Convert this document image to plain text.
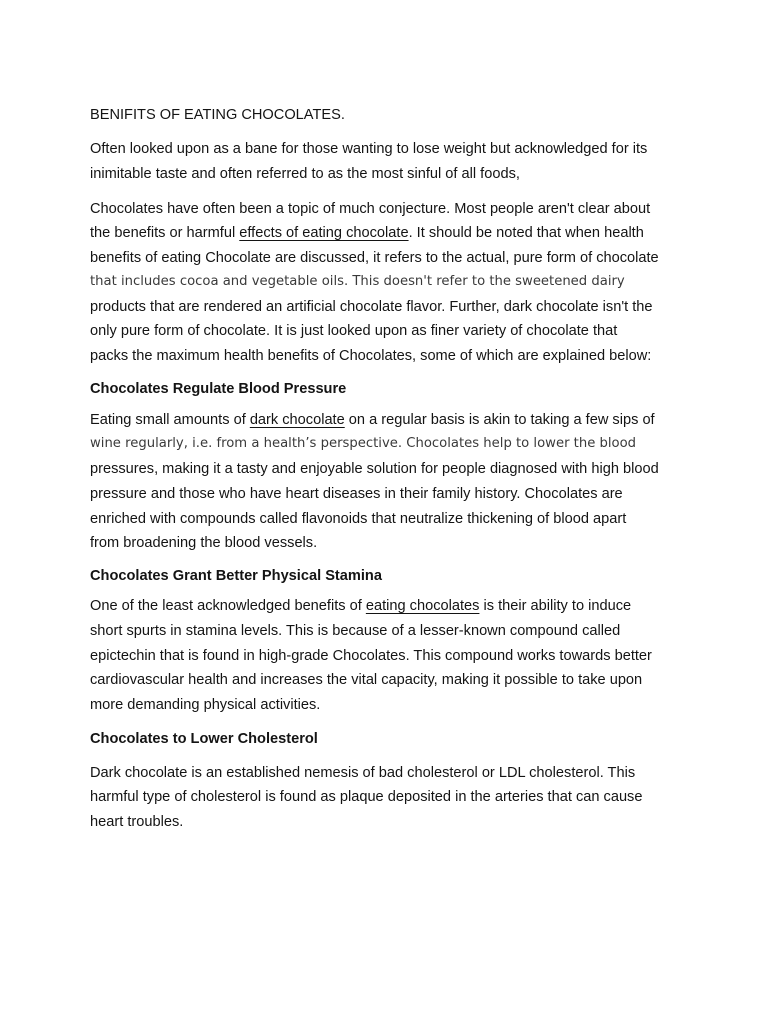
BENIFITS OF EATING CHOCOLATES.
Often looked upon as a bane for those wanting to lose weight but acknowledged for its
inimitable taste and often referred to as the most sinful of all foods,
Chocolates have often been a topic of much conjecture. Most people aren't clear about
the benefits or harmful effects of eating chocolate. It should be noted that when health
benefits of eating Chocolate are discussed, it refers to the actual, pure form of chocolate
that includes cocoa and vegetable oils. This doesn't refer to the sweetened dairy
products that are rendered an artificial chocolate flavor. Further, dark chocolate isn't the
only pure form of chocolate. It is just looked upon as finer variety of chocolate that
packs the maximum health benefits of Chocolates, some of which are explained below:
Chocolates Regulate Blood Pressure
Eating small amounts of dark chocolate on a regular basis is akin to taking a few sips of
wine regularly, i.e. from a health’s perspective. Chocolates help to lower the blood
pressures, making it a tasty and enjoyable solution for people diagnosed with high blood
pressure and those who have heart diseases in their family history. Chocolates are
enriched with compounds called flavonoids that neutralize thickening of blood apart
from broadening the blood vessels.
Chocolates Grant Better Physical Stamina
One of the least acknowledged benefits of eating chocolates is their ability to induce
short spurts in stamina levels. This is because of a lesser-known compound called
epictechin that is found in high-grade Chocolates. This compound works towards better
cardiovascular health and increases the vital capacity, making it possible to take upon
more demanding physical activities.
Chocolates to Lower Cholesterol
Dark chocolate is an established nemesis of bad cholesterol or LDL cholesterol. This
harmful type of cholesterol is found as plaque deposited in the arteries that can cause
heart troubles.
